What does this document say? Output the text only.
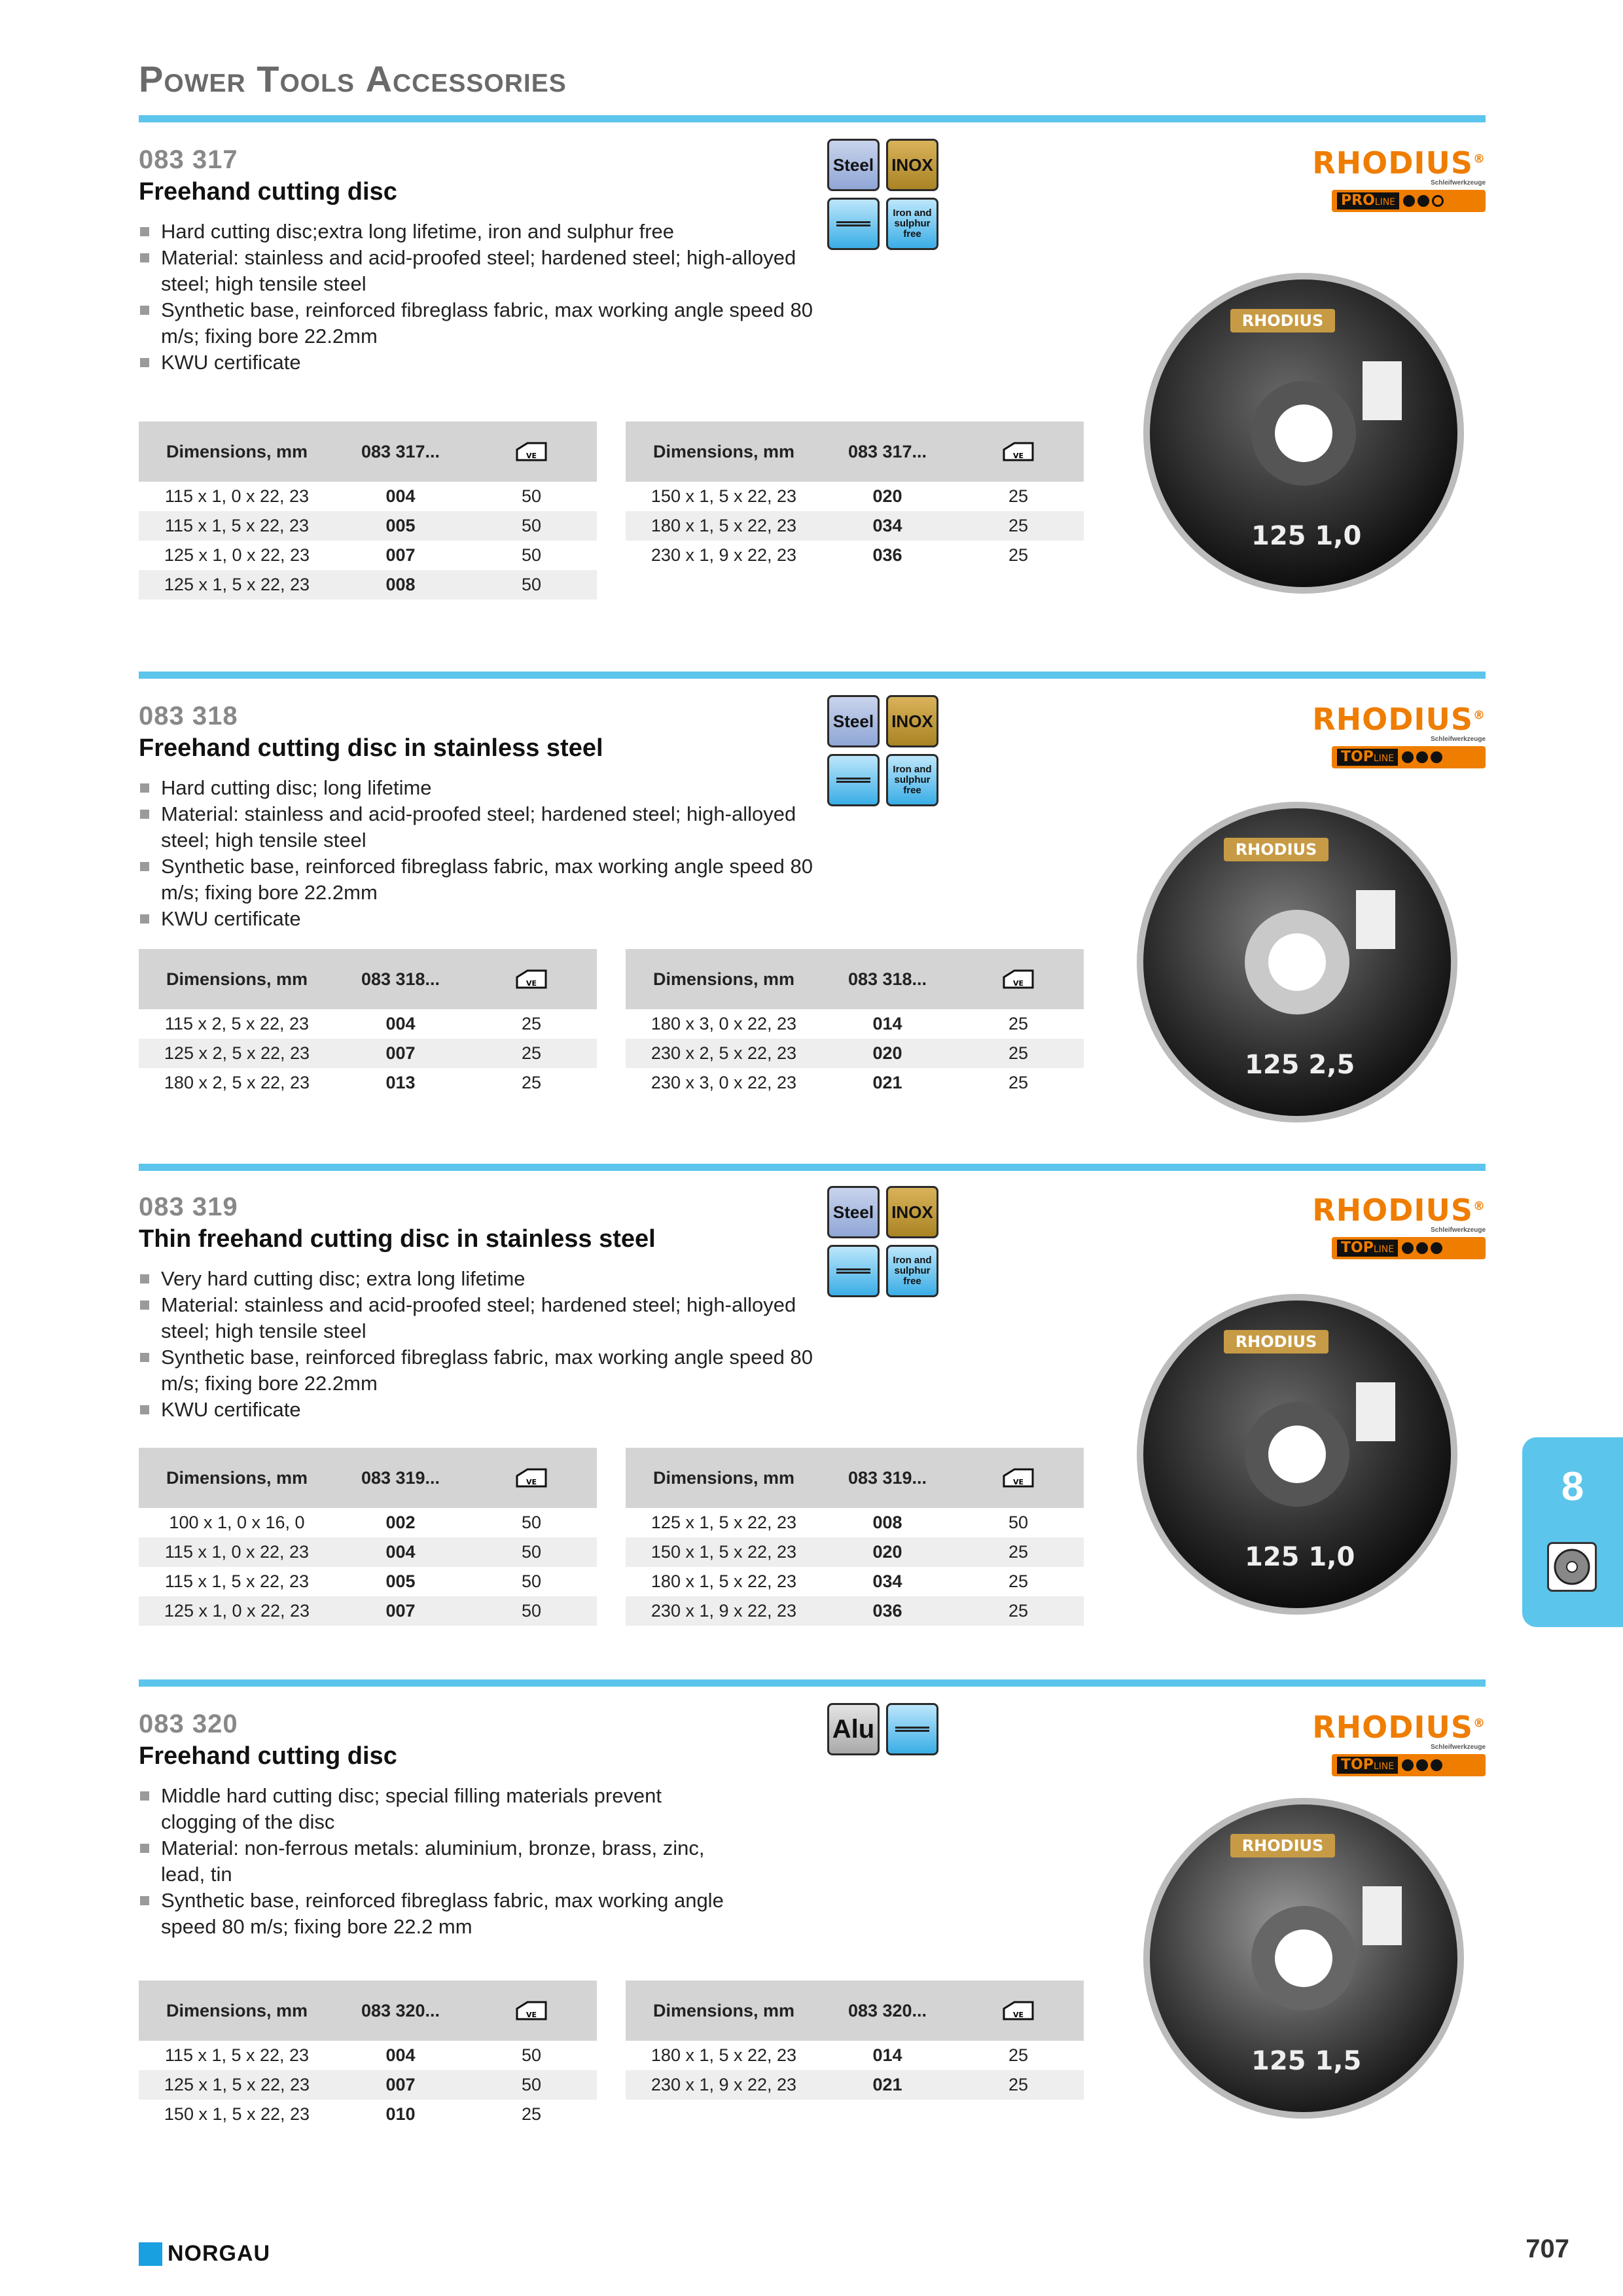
Power Tools Accessories
083 317
Freehand cutting disc
Hard cutting disc;extra long lifetime, iron and sulphur free
Material: stainless and acid-proofed steel; hardened steel; high-alloyed steel; high tensile steel
Synthetic base, reinforced fibreglass fabric, max working angle speed 80 m/s; fixing bore 22.2mm
KWU certificate
Steel	INOX
Iron and sulphur free
RHODIUS®
Schleifwerkzeuge
PROLINE
RHODIUS
125 1,0
Dimensions, mm	083 317...	VE

115 x 1, 0 x 22, 23	004	50
115 x 1, 5 x 22, 23	005	50
125 x 1, 0 x 22, 23	007	50
125 x 1, 5 x 22, 23	008	50
Dimensions, mm	083 317...	VE

150 x 1, 5 x 22, 23	020	25
180 x 1, 5 x 22, 23	034	25
230 x 1, 9 x 22, 23	036	25
083 318
Freehand cutting disc in stainless steel
Hard cutting disc; long lifetime
Material: stainless and acid-proofed steel; hardened steel; high-alloyed steel; high tensile steel
Synthetic base, reinforced fibreglass fabric, max working angle speed 80 m/s; fixing bore 22.2mm
KWU certificate
Steel	INOX
Iron and sulphur free
RHODIUS®
Schleifwerkzeuge
TOPLINE
RHODIUS
125 2,5
Dimensions, mm	083 318...	VE

115 x 2, 5 x 22, 23	004	25
125 x 2, 5 x 22, 23	007	25
180 x 2, 5 x 22, 23	013	25
Dimensions, mm	083 318...	VE

180 x 3, 0 x 22, 23	014	25
230 x 2, 5 x 22, 23	020	25
230 x 3, 0 x 22, 23	021	25
083 319
Thin freehand cutting disc in stainless steel
Very hard cutting disc; extra long lifetime
Material: stainless and acid-proofed steel; hardened steel; high-alloyed steel; high tensile steel
Synthetic base, reinforced fibreglass fabric, max working angle speed 80 m/s; fixing bore 22.2mm
KWU certificate
Steel	INOX
Iron and sulphur free
RHODIUS®
Schleifwerkzeuge
TOPLINE
RHODIUS
125 1,0
Dimensions, mm	083 319...	VE

100 x 1, 0 x 16, 0	002	50
115 x 1, 0 x 22, 23	004	50
115 x 1, 5 x 22, 23	005	50
125 x 1, 0 x 22, 23	007	50
Dimensions, mm	083 319...	VE

125 x 1, 5 x 22, 23	008	50
150 x 1, 5 x 22, 23	020	25
180 x 1, 5 x 22, 23	034	25
230 x 1, 9 x 22, 23	036	25
083 320
Freehand cutting disc
Middle hard cutting disc; special filling materials prevent clogging of the disc
Material: non-ferrous metals: aluminium, bronze, brass, zinc, lead, tin
Synthetic base, reinforced fibreglass fabric, max working angle speed 80 m/s; fixing bore 22.2 mm
Alu	RHODIUS®
Schleifwerkzeuge
TOPLINE
RHODIUS
125 1,5
Dimensions, mm	083 320...	VE

115 x 1, 5 x 22, 23	004	50
125 x 1, 5 x 22, 23	007	50
150 x 1, 5 x 22, 23	010	25
Dimensions, mm	083 320...	VE

180 x 1, 5 x 22, 23	014	25
230 x 1, 9 x 22, 23	021	25
8
NORGAU	707
